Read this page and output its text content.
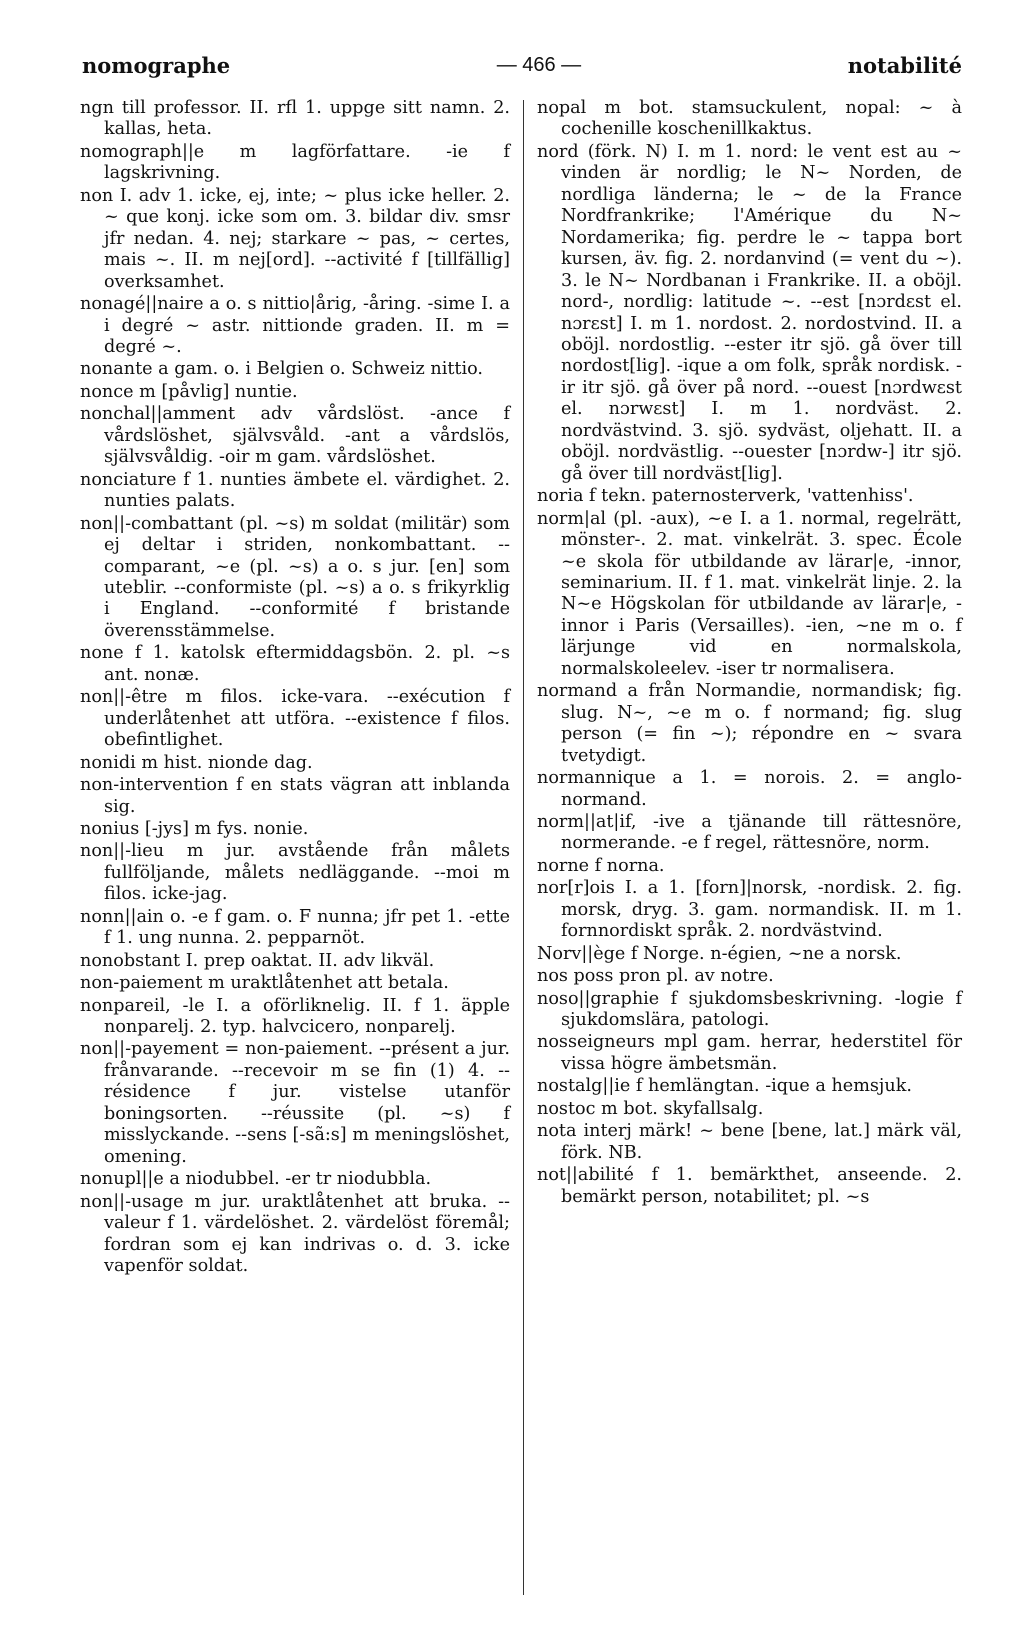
nomographe	— 466 —	notabilité

ngn till professor. II. rfl 1. uppge sitt namn. 2. kallas, heta.

nomograph||e m lagförfattare. -ie f lagskrivning.

non I. adv 1. icke, ej, inte; ~ plus icke heller. 2. ~ que konj. icke som om. 3. bildar div. smsr jfr nedan. 4. nej; starkare ~ pas, ~ certes, mais ~. II. m nej[ord]. --activité f [tillfällig] overksamhet.

nonagé||naire a o. s nittio|årig, -åring. -sime I. a i degré ~ astr. nittionde graden. II. m = degré ~.

nonante a gam. o. i Belgien o. Schweiz nittio.

nonce m [påvlig] nuntie.

nonchal||amment adv vårdslöst. -ance f vårdslöshet, självsvåld. -ant a vårdslös, självsvåldig. -oir m gam. vårdslöshet.

nonciature f 1. nunties ämbete el. värdighet. 2. nunties palats.

non||-combattant (pl. ~s) m soldat (militär) som ej deltar i striden, nonkombattant. --comparant, ~e (pl. ~s) a o. s jur. [en] som uteblir. --conformiste (pl. ~s) a o. s frikyrklig i England. --conformité f bristande överensstämmelse.

none f 1. katolsk eftermiddagsbön. 2. pl. ~s ant. nonæ.

non||-être m filos. icke-vara. --exécution f underlåtenhet att utföra. --existence f filos. obefintlighet.

nonidi m hist. nionde dag.

non-intervention f en stats vägran att inblanda sig.

nonius [-jys] m fys. nonie.

non||-lieu m jur. avstående från målets fullföljande, målets nedläggande. --moi m filos. icke-jag.

nonn||ain o. -e f gam. o. F nunna; jfr pet 1. -ette f 1. ung nunna. 2. pepparnöt.

nonobstant I. prep oaktat. II. adv likväl.

non-paiement m uraktlåtenhet att betala.

nonpareil, -le I. a oförliknelig. II. f 1. äpple nonparelj. 2. typ. halvcicero, nonparelj.

non||-payement = non-paiement. --présent a jur. frånvarande. --recevoir m se fin (1) 4. --résidence f jur. vistelse utanför boningsorten. --réussite (pl. ~s) f misslyckande. --sens [-sã:s] m meningslöshet, omening.

nonupl||e a niodubbel. -er tr niodubbla.

non||-usage m jur. uraktlåtenhet att bruka. --valeur f 1. värdelöshet. 2. värdelöst föremål; fordran som ej kan indrivas o. d. 3. icke vapenför soldat.

nopal m bot. stamsuckulent, nopal: ~ à cochenille koschenillkaktus.

nord (förk. N) I. m 1. nord: le vent est au ~ vinden är nordlig; le N~ Norden, de nordliga länderna; le ~ de la France Nordfrankrike; l'Amérique du N~ Nordamerika; fig. perdre le ~ tappa bort kursen, äv. fig. 2. nordanvind (= vent du ~). 3. le N~ Nordbanan i Frankrike. II. a oböjl. nord-, nordlig: latitude ~. --est [nɔrdɛst el. nɔrɛst] I. m 1. nordost. 2. nordostvind. II. a oböjl. nordostlig. --ester itr sjö. gå över till nordost[lig]. -ique a om folk, språk nordisk. -ir itr sjö. gå över på nord. --ouest [nɔrdwɛst el. nɔrwɛst] I. m 1. nordväst. 2. nordvästvind. 3. sjö. sydväst, oljehatt. II. a oböjl. nordvästlig. --ouester [nɔrdw-] itr sjö. gå över till nordväst[lig].

noria f tekn. paternosterverk, 'vattenhiss'.

norm|al (pl. -aux), ~e I. a 1. normal, regelrätt, mönster-. 2. mat. vinkelrät. 3. spec. École ~e skola för utbildande av lärar|e, -innor, seminarium. II. f 1. mat. vinkelrät linje. 2. la N~e Högskolan för utbildande av lärar|e, -innor i Paris (Versailles). -ien, ~ne m o. f lärjunge vid en normalskola, normalskoleelev. -iser tr normalisera.

normand a från Normandie, normandisk; fig. slug. N~, ~e m o. f normand; fig. slug person (= fin ~); répondre en ~ svara tvetydigt.

normannique a 1. = norois. 2. = anglo-normand.

norm||at|if, -ive a tjänande till rättesnöre, normerande. -e f regel, rättesnöre, norm.

norne f norna.

nor[r]ois I. a 1. [forn]|norsk, -nordisk. 2. fig. morsk, dryg. 3. gam. normandisk. II. m 1. fornnordiskt språk. 2. nordvästvind.

Norv||ège f Norge. n-égien, ~ne a norsk.

nos poss pron pl. av notre.

noso||graphie f sjukdomsbeskrivning. -logie f sjukdomslära, patologi.

nosseigneurs mpl gam. herrar, hederstitel för vissa högre ämbetsmän.

nostalg||ie f hemlängtan. -ique a hemsjuk.

nostoc m bot. skyfallsalg.

nota interj märk! ~ bene [bene, lat.] märk väl, förk. NB.

not||abilité f 1. bemärkthet, anseende. 2. bemärkt person, notabilitet; pl. ~s
